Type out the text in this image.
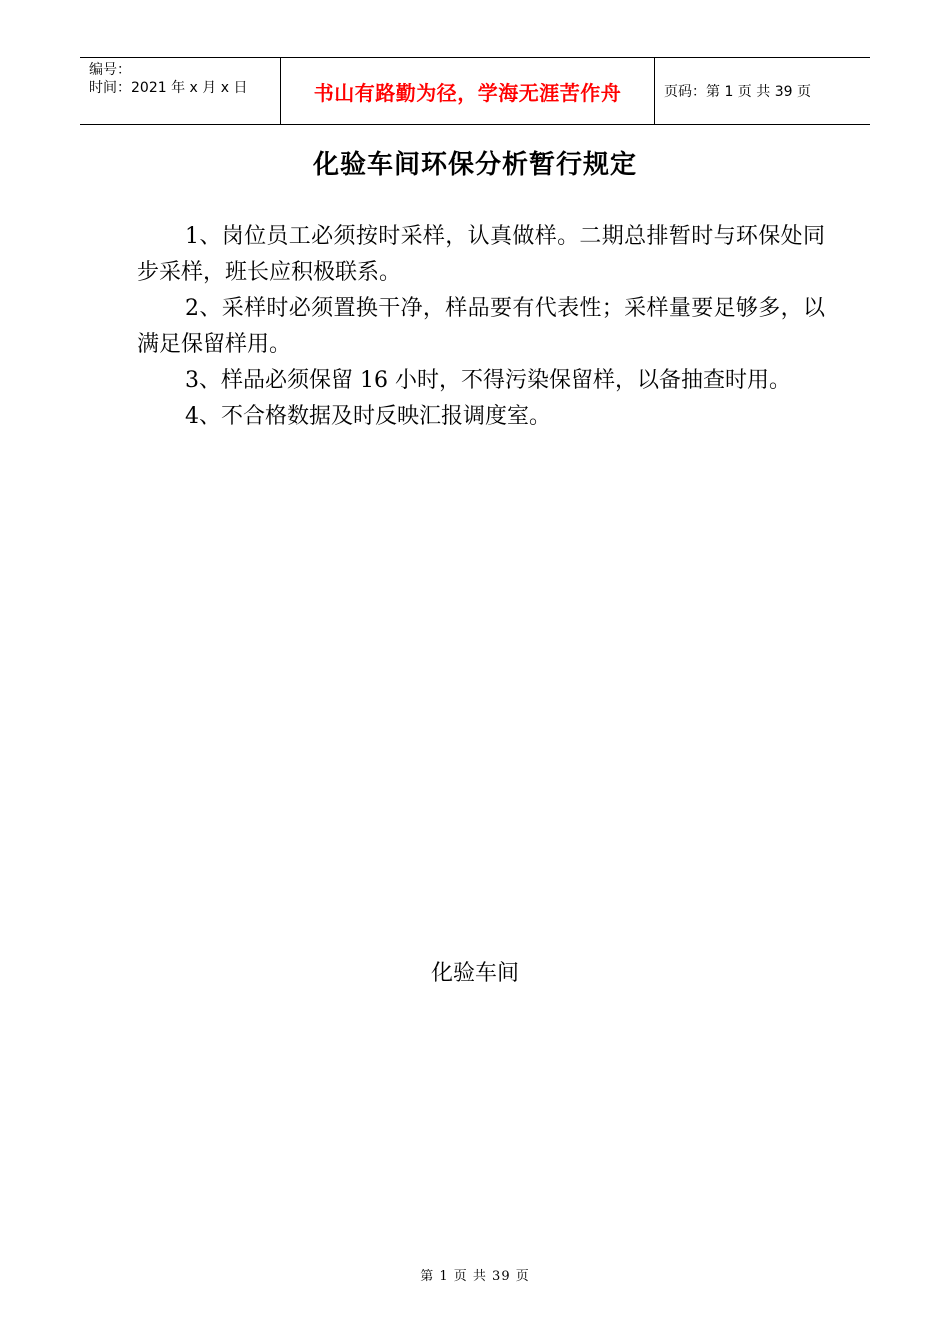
编号：
时间：2021 年 x 月 x 日	书山有路勤为径，学海无涯苦作舟	页码：第 1 页 共 39 页
化验车间环保分析暂行规定

1、岗位员工必须按时采样，认真做样。二期总排暂时与环保处同步采样，班长应积极联系。

2、采样时必须置换干净，样品要有代表性；采样量要足够多，以满足保留样用。

3、样品必须保留 16 小时，不得污染保留样，以备抽查时用。

4、不合格数据及时反映汇报调度室。

化验车间
第 1 页 共 39 页
